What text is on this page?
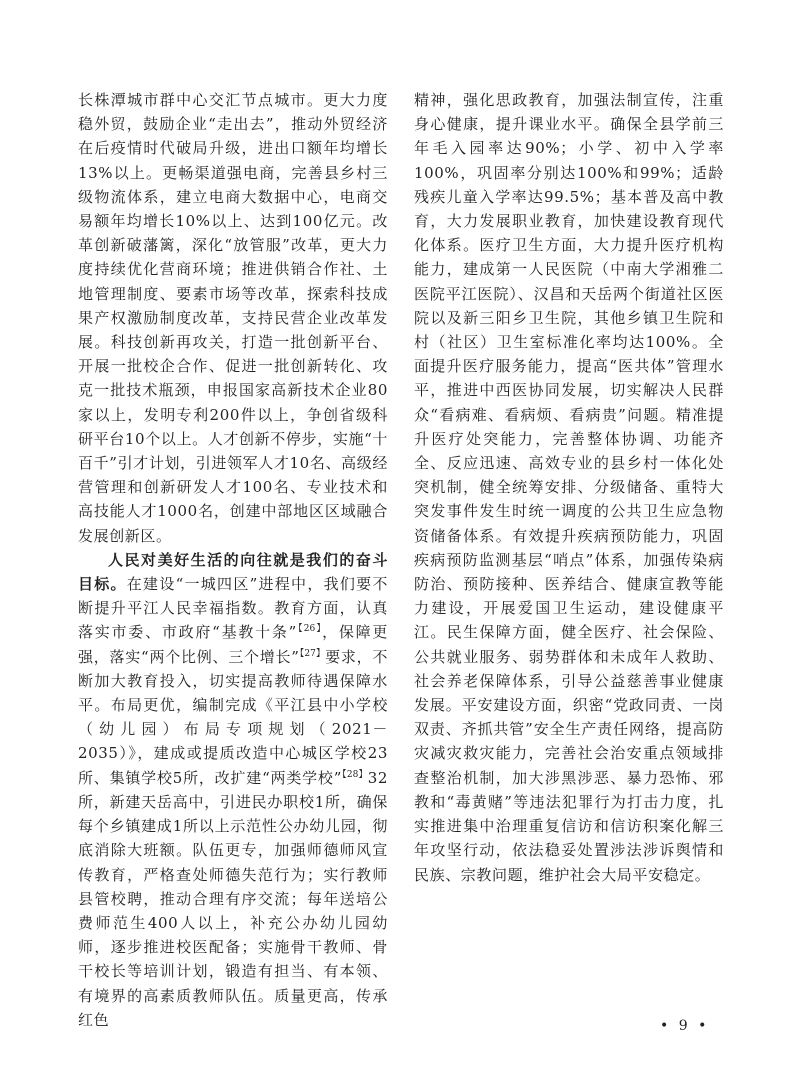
长株潭城市群中心交汇节点城市。更大力度稳外贸，鼓励企业“走出去”，推动外贸经济在后疫情时代破局升级，进出口额年均增长13%以上。更畅渠道强电商，完善县乡村三级物流体系，建立电商大数据中心，电商交易额年均增长10%以上、达到100亿元。改革创新破藩篱，深化“放管服”改革，更大力度持续优化营商环境；推进供销合作社、土地管理制度、要素市场等改革，探索科技成果产权激励制度改革，支持民营企业改革发展。科技创新再攻关，打造一批创新平台、开展一批校企合作、促进一批创新转化、攻克一批技术瓶颈，申报国家高新技术企业80家以上，发明专利200件以上，争创省级科研平台10个以上。人才创新不停步，实施“十百千”引才计划，引进领军人才10名、高级经营管理和创新研发人才100名、专业技术和高技能人才1000名，创建中部地区区域融合发展创新区。

人民对美好生活的向往就是我们的奋斗目标。在建设“一城四区”进程中，我们要不断提升平江人民幸福指数。教育方面，认真落实市委、市政府“基教十条”$^{【26】}$，保障更强，落实“两个比例、三个增长”$^{【27】}$要求，不断加大教育投入，切实提高教师待遇保障水平。布局更优，编制完成《平江县中小学校（幼儿园）布局专项规划（2021－2035）》，建成或提质改造中心城区学校23所、集镇学校5所，改扩建“两类学校”$^{【28】}$32所，新建天岳高中，引进民办职校1所，确保每个乡镇建成1所以上示范性公办幼儿园，彻底消除大班额。队伍更专，加强师德师风宣传教育，严格查处师德失范行为；实行教师县管校聘，推动合理有序交流；每年送培公费师范生400人以上，补充公办幼儿园幼师，逐步推进校医配备；实施骨干教师、骨干校长等培训计划，锻造有担当、有本领、有境界的高素质教师队伍。质量更高，传承红色

精神，强化思政教育，加强法制宣传，注重身心健康，提升课业水平。确保全县学前三年毛入园率达90%；小学、初中入学率100%，巩固率分别达100%和99%；适龄残疾儿童入学率达99.5%；基本普及高中教育，大力发展职业教育，加快建设教育现代化体系。医疗卫生方面，大力提升医疗机构能力，建成第一人民医院（中南大学湘雅二医院平江医院）、汉昌和天岳两个街道社区医院以及新三阳乡卫生院，其他乡镇卫生院和村（社区）卫生室标准化率均达100%。全面提升医疗服务能力，提高“医共体”管理水平，推进中西医协同发展，切实解决人民群众“看病难、看病烦、看病贵”问题。精准提升医疗处突能力，完善整体协调、功能齐全、反应迅速、高效专业的县乡村一体化处突机制，健全统筹安排、分级储备、重特大突发事件发生时统一调度的公共卫生应急物资储备体系。有效提升疾病预防能力，巩固疾病预防监测基层“哨点”体系，加强传染病防治、预防接种、医养结合、健康宣教等能力建设，开展爱国卫生运动，建设健康平江。民生保障方面，健全医疗、社会保险、公共就业服务、弱势群体和未成年人救助、社会养老保障体系，引导公益慈善事业健康发展。平安建设方面，织密“党政同责、一岗双责、齐抓共管”安全生产责任网络，提高防灾减灾救灾能力，完善社会治安重点领域排查整治机制，加大涉黑涉恶、暴力恐怖、邪教和“毒黄赌”等违法犯罪行为打击力度，扎实推进集中治理重复信访和信访积案化解三年攻坚行动，依法稳妥处置涉法涉诉舆情和民族、宗教问题，维护社会大局平安稳定。

• 9 •
